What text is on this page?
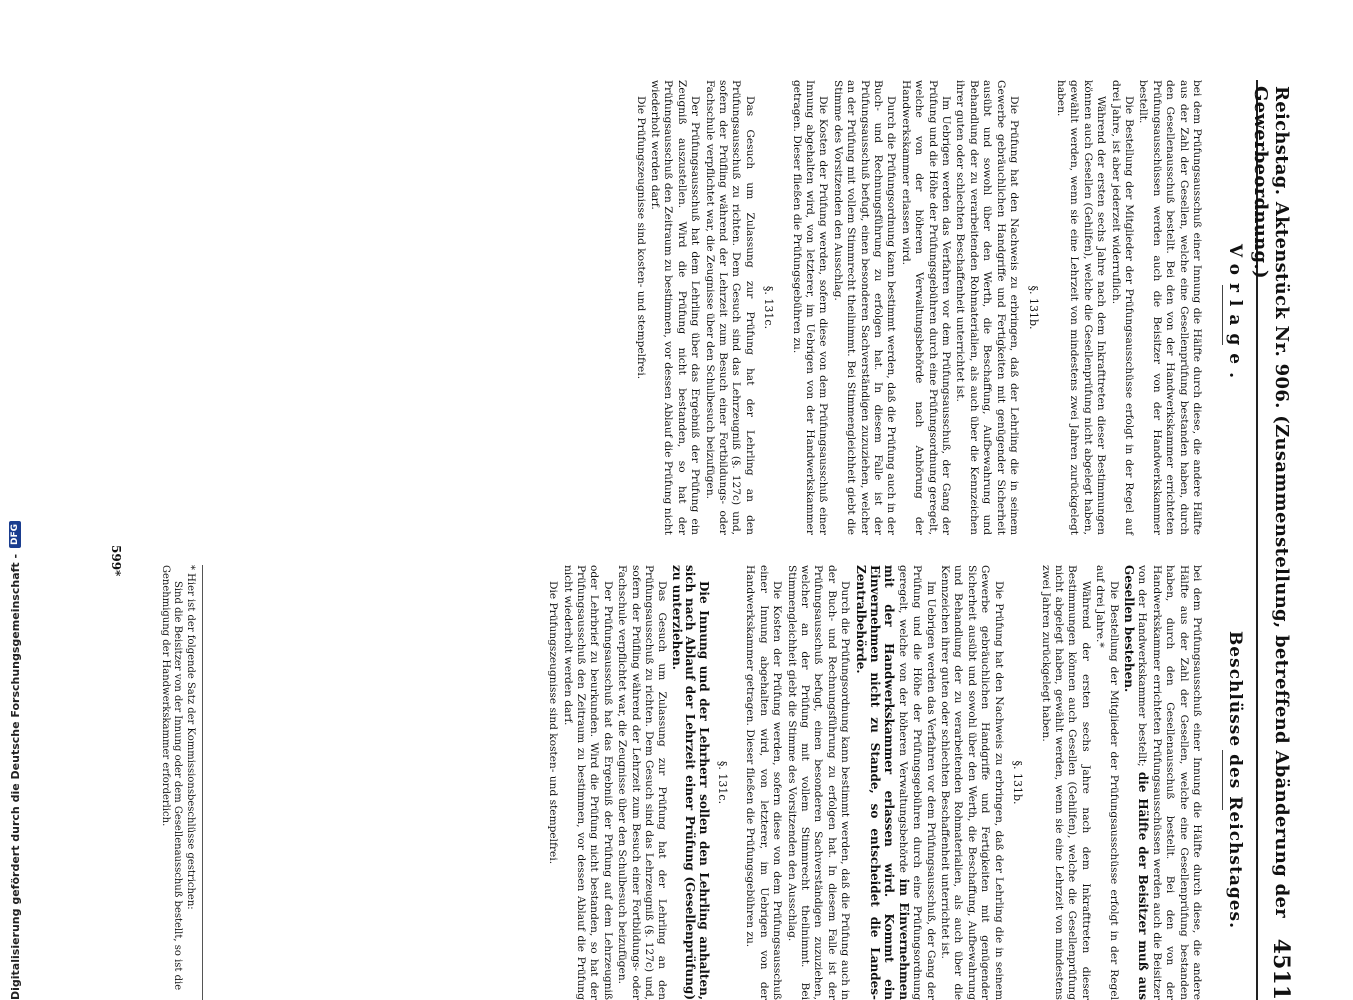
Reichstag. Aktenstück Nr. 906. (Zusammenstellung, betreffend Abänderung der Gewerbeordnung.)
4511
Vorlage.
Beschlüsse des Reichstages.

bei dem Prüfungsausschuß einer Innung die Hälfte durch diese, die andere Hälfte aus der Zahl der Gesellen, welche eine Gesellenprüfung bestanden haben, durch den Gesellenausschuß bestellt. Bei den von der Handwerkskammer errichteten Prüfungsausschüssen werden auch die Beisitzer von der Handwerkskammer bestellt.

Die Bestellung der Mitglieder der Prüfungsausschüsse erfolgt in der Regel auf drei Jahre, ist aber jederzeit widerruflich.

Während der ersten sechs Jahre nach dem Inkrafttreten dieser Bestimmungen können auch Gesellen (Gehilfen), welche die Gesellenprüfung nicht abgelegt haben, gewählt werden, wenn sie eine Lehrzeit von mindestens zwei Jahren zurückgelegt haben.

§. 131b.

Die Prüfung hat den Nachweis zu erbringen, daß der Lehrling die in seinem Gewerbe gebräuchlichen Handgriffe und Fertigkeiten mit genügender Sicherheit ausübt und sowohl über den Werth, die Beschaffung, Aufbewahrung und Behandlung der zu verarbeitenden Rohmaterialien, als auch über die Kennzeichen ihrer guten oder schlechten Beschaffenheit unterrichtet ist.

Im Uebrigen werden das Verfahren vor dem Prüfungsausschuß, der Gang der Prüfung und die Höhe der Prüfungsgebühren durch eine Prüfungsordnung geregelt, welche von der höheren Verwaltungsbehörde nach Anhörung der Handwerkskammer erlassen wird.

Durch die Prüfungsordnung kann bestimmt werden, daß die Prüfung auch in der Buch- und Rechnungsführung zu erfolgen hat. In diesem Falle ist der Prüfungsausschuß befugt, einen besonderen Sachverständigen zuzuziehen, welcher an der Prüfung mit vollem Stimmrecht theilnimmt. Bei Stimmengleichheit giebt die Stimme des Vorsitzenden den Ausschlag.

Die Kosten der Prüfung werden, sofern diese von dem Prüfungsausschuß einer Innung abgehalten wird, von letzterer, im Uebrigen von der Handwerkskammer getragen. Dieser fließen die Prüfungsgebühren zu.

§. 131c.

Das Gesuch um Zulassung zur Prüfung hat der Lehrling an den Prüfungsausschuß zu richten. Dem Gesuch sind das Lehrzeugniß (§. 127c) und, sofern der Prüfling während der Lehrzeit zum Besuch einer Fortbildungs- oder Fachschule verpflichtet war, die Zeugnisse über den Schulbesuch beizufügen.

Der Prüfungsausschuß hat dem Lehrling über das Ergebniß der Prüfung ein Zeugniß auszustellen. Wird die Prüfung nicht bestanden, so hat der Prüfungsausschuß den Zeitraum zu bestimmen, vor dessen Ablauf die Prüfung nicht wiederholt werden darf.

Die Prüfungszeugnisse sind kosten- und stempelfrei.

bei dem Prüfungsausschuß einer Innung die Hälfte durch diese, die andere Hälfte aus der Zahl der Gesellen, welche eine Gesellenprüfung bestanden haben, durch den Gesellenausschuß bestellt. Bei den von der Handwerkskammer errichteten Prüfungsausschüssen werden auch die Beisitzer von der Handwerkskammer bestellt; die Hälfte der Beisitzer muß aus Gesellen bestehen.

Die Bestellung der Mitglieder der Prüfungsausschüsse erfolgt in der Regel auf drei Jahre.*

Während der ersten sechs Jahre nach dem Inkrafttreten dieser Bestimmungen können auch Gesellen (Gehilfen), welche die Gesellenprüfung nicht abgelegt haben, gewählt werden, wenn sie eine Lehrzeit von mindestens zwei Jahren zurückgelegt haben.

§. 131b.

Die Prüfung hat den Nachweis zu erbringen, daß der Lehrling die in seinem Gewerbe gebräuchlichen Handgriffe und Fertigkeiten mit genügender Sicherheit ausübt und sowohl über den Werth, die Beschaffung, Aufbewahrung und Behandlung der zu verarbeitenden Rohmaterialien, als auch über die Kennzeichen ihrer guten oder schlechten Beschaffenheit unterrichtet ist.

Im Uebrigen werden das Verfahren vor dem Prüfungsausschuß, der Gang der Prüfung und die Höhe der Prüfungsgebühren durch eine Prüfungsordnung geregelt, welche von der höheren Verwaltungsbehörde im Einvernehmen mit der Handwerkskammer erlassen wird. Kommt ein Einvernehmen nicht zu Stande, so entscheidet die Landes-Zentralbehörde.

Durch die Prüfungsordnung kann bestimmt werden, daß die Prüfung auch in der Buch- und Rechnungsführung zu erfolgen hat. In diesem Falle ist der Prüfungsausschuß befugt, einen besonderen Sachverständigen zuzuziehen, welcher an der Prüfung mit vollem Stimmrecht theilnimmt. Bei Stimmengleichheit giebt die Stimme des Vorsitzenden den Ausschlag.

Die Kosten der Prüfung werden, sofern diese von dem Prüfungsausschuß einer Innung abgehalten wird, von letzterer, im Uebrigen von der Handwerkskammer getragen. Dieser fließen die Prüfungsgebühren zu.

§. 131c.

Die Innung und der Lehrherr sollen den Lehrling anhalten, sich nach Ablauf der Lehrzeit einer Prüfung (Gesellenprüfung) zu unterziehen.

Das Gesuch um Zulassung zur Prüfung hat der Lehrling an den Prüfungsausschuß zu richten. Dem Gesuch sind das Lehrzeugniß (§. 127c) und, sofern der Prüfling während der Lehrzeit zum Besuch einer Fortbildungs- oder Fachschule verpflichtet war, die Zeugnisse über den Schulbesuch beizufügen.

Der Prüfungsausschuß hat das Ergebniß der Prüfung auf dem Lehrzeugniß oder Lehrbrief zu beurkunden. Wird die Prüfung nicht bestanden, so hat der Prüfungsausschuß den Zeitraum zu bestimmen, vor dessen Ablauf die Prüfung nicht wiederholt werden darf.

Die Prüfungszeugnisse sind kosten- und stempelfrei.

* Hier ist der folgende Satz der Kommissionsbeschlüsse gestrichen:

Sind die Beisitzer von der Innung oder dem Gesellenausschuß bestellt, so ist die Genehmigung der Handwerkskammer erforderlich.

599*
Digitalisierung gefördert durch die Deutsche Forschungsgemeinschaft -
DFG
